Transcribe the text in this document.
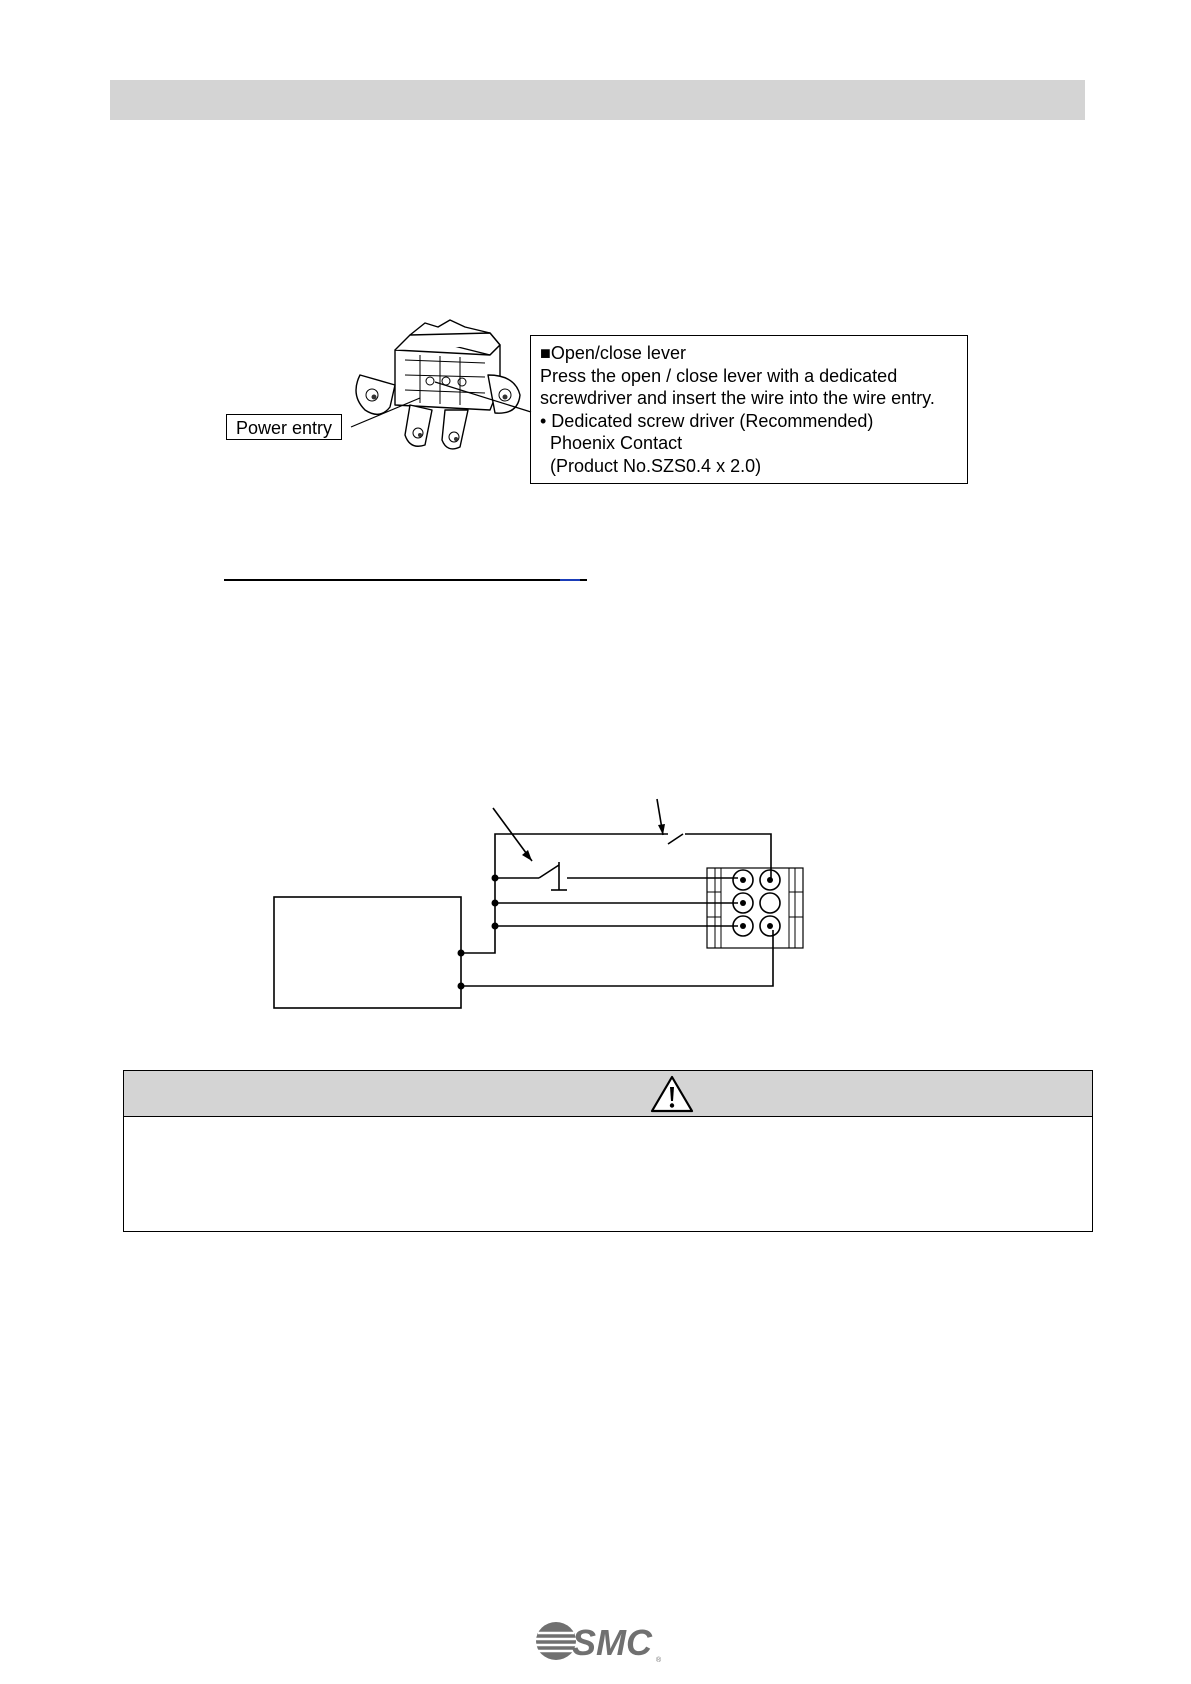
Power entry
■Open/close lever
Press the open / close lever with a dedicated
screwdriver and insert the wire into the wire entry.
• Dedicated screw driver (Recommended)
Phoenix Contact
(Product No.SZS0.4 x 2.0)
SMC ®
